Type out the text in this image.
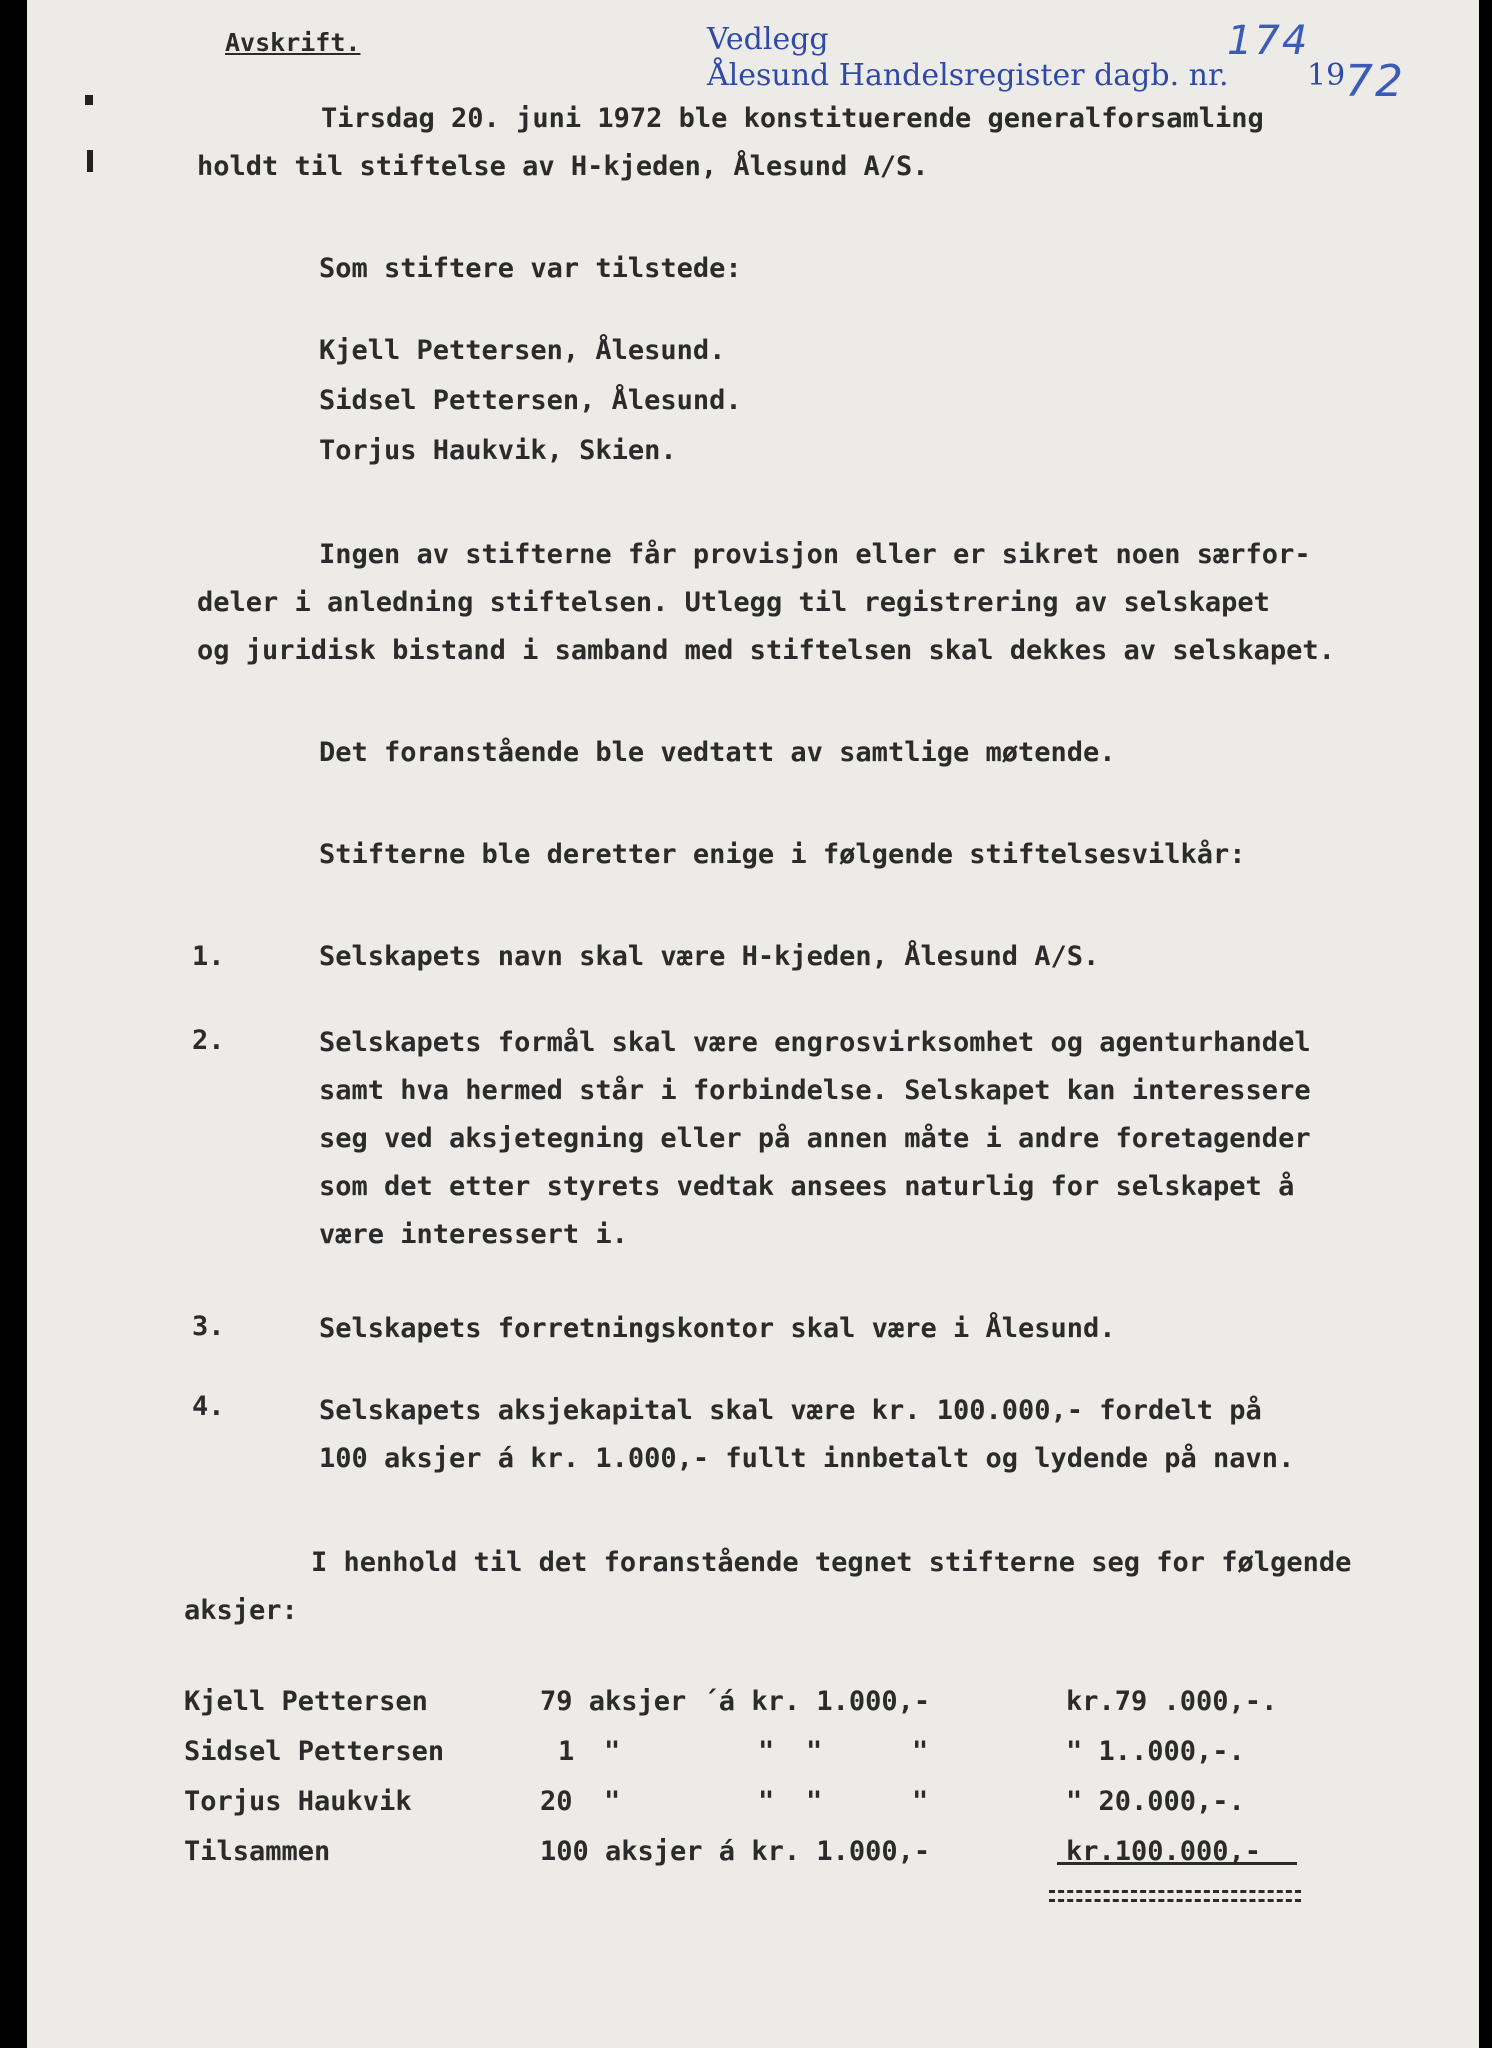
Avskrift.	Vedlegg
Ålesund Handelsregister dagb. nr.	19
174
72
Tirsdag 20. juni 1972 ble konstituerende generalforsamling
holdt til stiftelse av H-kjeden, Ålesund A/S.
Som stiftere var tilstede:
Kjell Pettersen, Ålesund.
Sidsel Pettersen, Ålesund.
Torjus Haukvik, Skien.
Ingen av stifterne får provisjon eller er sikret noen særfor-
deler i anledning stiftelsen. Utlegg til registrering av selskapet
og juridisk bistand i samband med stiftelsen skal dekkes av selskapet.
Det foranstående ble vedtatt av samtlige møtende.
Stifterne ble deretter enige i følgende stiftelsesvilkår:
1.	Selskapets navn skal være H-kjeden, Ålesund A/S.
2.	Selskapets formål skal være engrosvirksomhet og agenturhandel
samt hva hermed står i forbindelse. Selskapet kan interessere
seg ved aksjetegning eller på annen måte i andre foretagender
som det etter styrets vedtak ansees naturlig for selskapet å
være interessert i.
3.	Selskapets forretningskontor skal være i Ålesund.
4.	Selskapets aksjekapital skal være kr. 100.000,- fordelt på
100 aksjer á kr. 1.000,- fullt innbetalt og lydende på navn.
I henhold til det foranstående tegnet stifterne seg for følgende
aksjer:
Kjell Pettersen	79 aksjer ´á kr. 1.000,-	kr.79 .000,-.
Sidsel Pettersen	1 "	" "	"	" 1..000,-.
Torjus Haukvik	20 "	" "	"	" 20.000,-.
Tilsammen	100 aksjer á kr. 1.000,-	kr.100.000,-
